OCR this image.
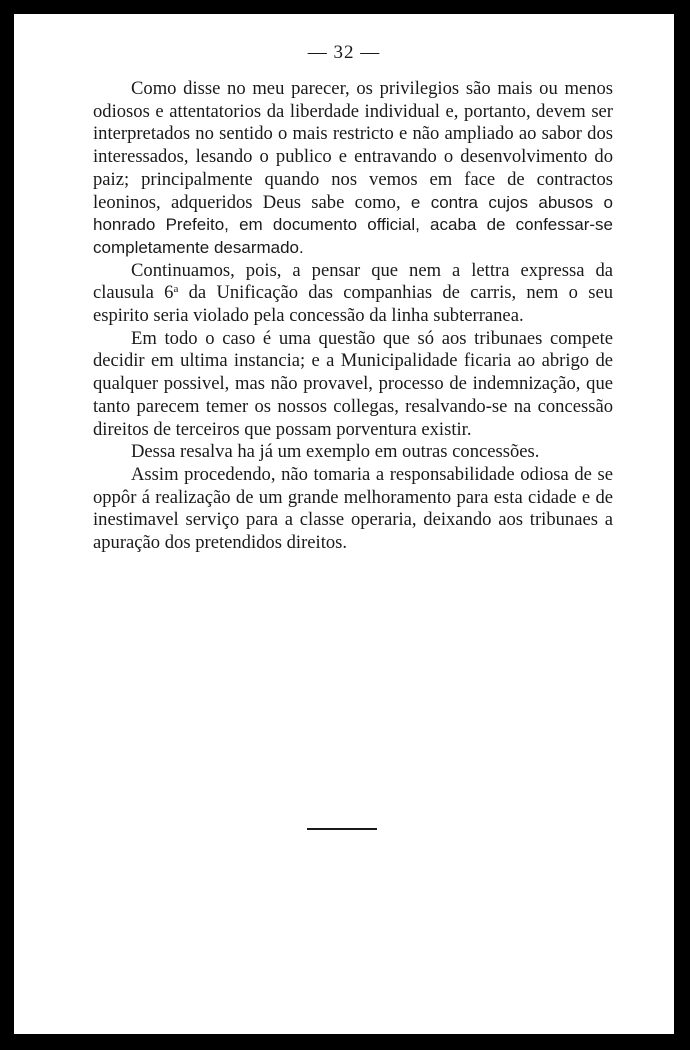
— 32 —

Como disse no meu parecer, os privilegios são mais ou menos odiosos e attentatorios da liberdade individual e, portanto, devem ser interpretados no sentido o mais restricto e não ampliado ao sabor dos interessados, lesando o publico e entravando o desenvolvimento do paiz; principalmente quando nos vemos em face de contractos leoninos, adqueridos Deus sabe como, e contra cujos abusos o honrado Prefeito, em documento official, acaba de confessar-se completamente desarmado.

Continuamos, pois, a pensar que nem a lettra expressa da clausula 6$^a$ da Unificação das companhias de carris, nem o seu espirito seria violado pela concessão da linha subterranea.

Em todo o caso é uma questão que só aos tribunaes compete decidir em ultima instancia; e a Municipalidade ficaria ao abrigo de qualquer possivel, mas não provavel, processo de indemnização, que tanto parecem temer os nossos collegas, resalvando-se na concessão direitos de terceiros que possam porventura existir.

Dessa resalva ha já um exemplo em outras concessões.

Assim procedendo, não tomaria a responsabilidade odiosa de se oppôr á realização de um grande melhoramento para esta cidade e de inestimavel serviço para a classe operaria, deixando aos tribunaes a apuração dos pretendidos direitos.
